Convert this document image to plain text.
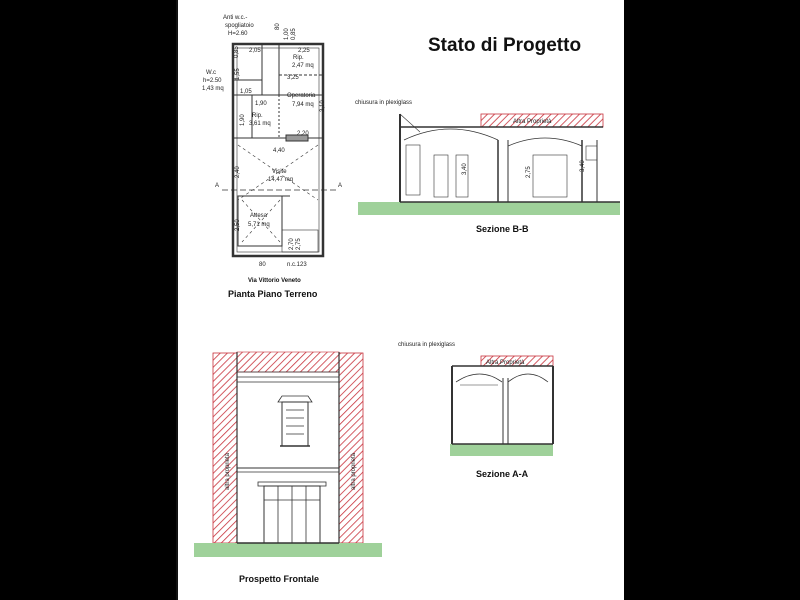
Stato di Progetto
Anti w.c.-
spogliatoio
H=2.60
W.c
h=2.50
1,43 mq
Rip.
2,47 mq
Operatoria
7,94 mq
Rip.
3,61 mq
Visite
14,47 mq
Attesa
5,71 mq
A	A
2,05	2,25
3,25
1,05
1,90
2,20
4,40
80	n.c.123
1,00 0,85
80
1,55
0,85
1,90
3,10
2,40
2,50
2,70 2,75
Via Vittorio Veneto
Pianta Piano Terreno
chiusura in plexiglass
Altra Proprietà
3,40	2,75
3,40
Sezione B-B
chiusura in plexiglass
Altra Proprietà
Sezione A-A
altra proprietà	altra proprietà
Prospetto Frontale
